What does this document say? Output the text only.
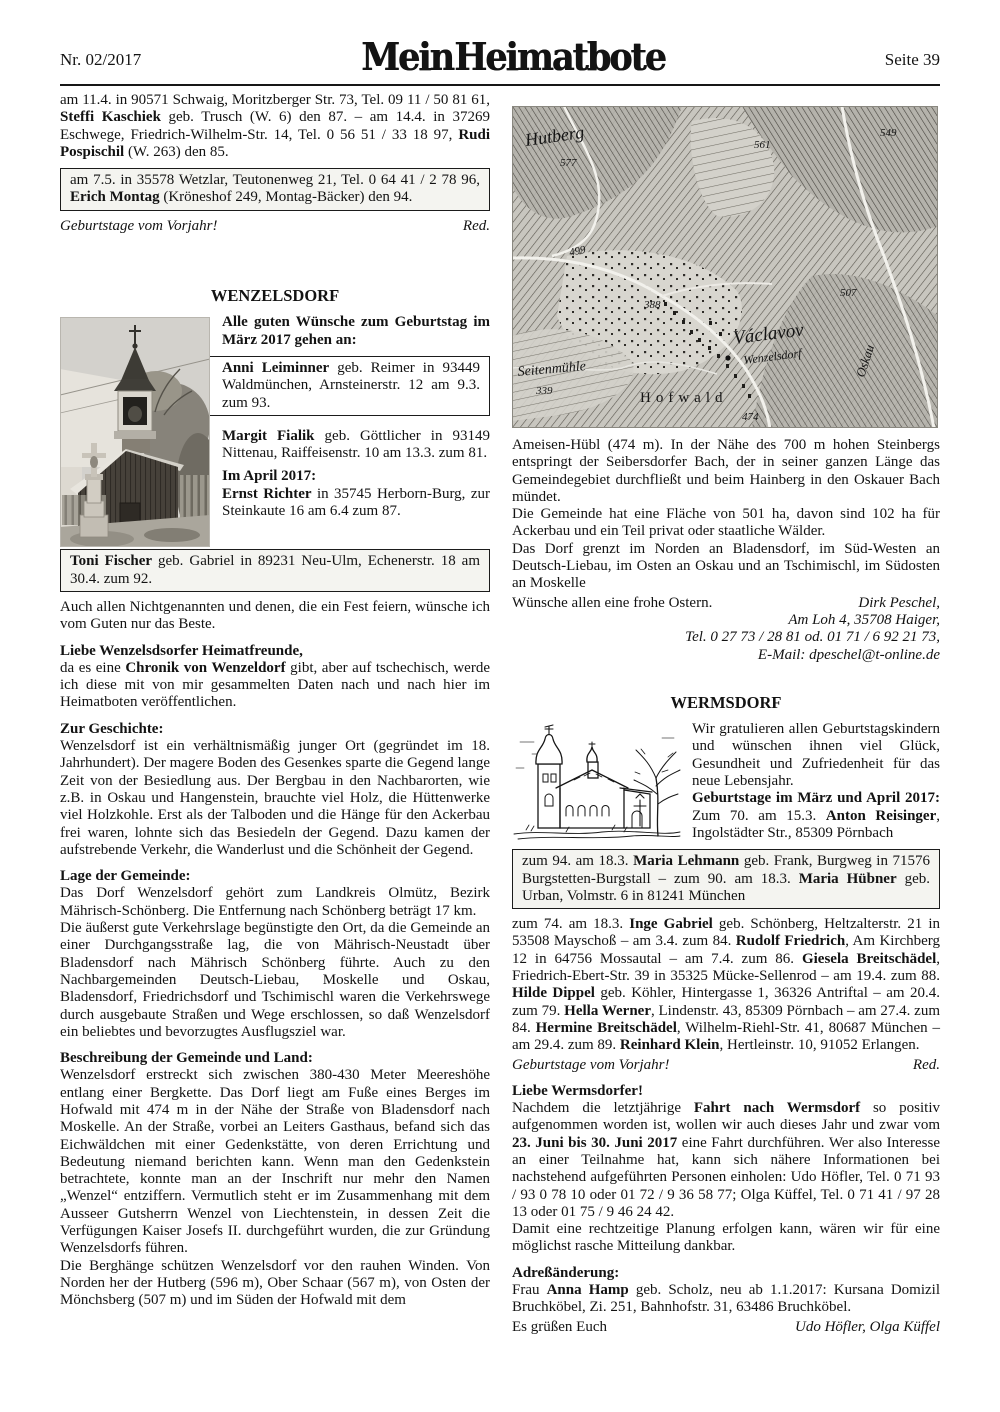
Nr. 02/2017	Mein Heimatbote	Seite 39

am 11.4. in 90571 Schwaig, Moritzberger Str. 73, Tel. 09 11 / 50 81 61, Steffi Kaschiek geb. Trusch (W. 6) den 87. – am 14.4. in 37269 Eschwege, Friedrich-Wilhelm-Str. 14, Tel. 0 56 51 / 33 18 97, Rudi Pospischil (W. 263) den 85.

am 7.5. in 35578 Wetzlar, Teutonenweg 21, Tel. 0 64 41 / 2 78 96, Erich Montag (Kröneshof 249, Montag-Bäcker) den 94.

Geburtstage vom Vorjahr!	Red.
WENZELSDORF

Alle guten Wünsche zum Geburtstag im März 2017 gehen an:

Anni Leiminner geb. Reimer in 93449 Waldmünchen, Arnsteinerstr. 12 am 9.3. zum 93.

Margit Fialik geb. Göttlicher in 93149 Nittenau, Raiffeisenstr. 10 am 13.3. zum 81.

Im April 2017:

Ernst Richter in 35745 Herborn-Burg, zur Steinkaute 16 am 6.4 zum 87.

Toni Fischer geb. Gabriel in 89231 Neu-Ulm, Echenerstr. 18 am 30.4. zum 92.

Auch allen Nichtgenannten und denen, die ein Fest feiern, wünsche ich vom Guten nur das Beste.

Liebe Wenzelsdsorfer Heimatfreunde,

da es eine Chronik von Wenzeldorf gibt, aber auf tschechisch, werde ich diese mit von mir gesammelten Daten nach und nach hier im Heimatboten veröffentlichen.

Zur Geschichte:

Wenzelsdorf ist ein verhältnismäßig junger Ort (gegründet im 18. Jahrhundert). Der magere Boden des Gesenkes sparte die Gegend lange Zeit von der Besiedlung aus. Der Bergbau in den Nachbarorten, wie z.B. in Oskau und Hangenstein, brauchte viel Holz, die Hüttenwerke viel Holzkohle. Erst als der Talboden und die Hänge für den Ackerbau frei waren, lohnte sich das Besiedeln der Gegend. Dazu kamen der aufstrebende Verkehr, die Wanderlust und die Schönheit der Gegend.

Lage der Gemeinde:

Das Dorf Wenzelsdorf gehört zum Landkreis Olmütz, Bezirk Mährisch-Schönberg. Die Entfernung nach Schönberg beträgt 17 km.

Die äußerst gute Verkehrslage begünstigte den Ort, da die Gemeinde an einer Durchgangsstraße lag, die von Mährisch-Neustadt über Bladensdorf nach Mährisch Schönberg führte. Auch zu den Nachbargemeinden Deutsch-Liebau, Moskelle und Oskau, Bladensdorf, Friedrichsdorf und Tschimischl waren die Verkehrswege durch ausgebaute Straßen und Wege erschlossen, so daß Wenzelsdorf ein beliebtes und bevorzugtes Ausflugsziel war.

Beschreibung der Gemeinde und Land:

Wenzelsdorf erstreckt sich zwischen 380-430 Meter Meereshöhe entlang einer Bergkette. Das Dorf liegt am Fuße eines Berges im Hofwald mit 474 m in der Nähe der Straße von Bladensdorf nach Moskelle. An der Straße, vorbei an Leiters Gasthaus, befand sich das Eichwäldchen mit einer Gedenkstätte, von deren Errichtung und Bedeutung niemand berichten kann. Wenn man den Gedenkstein betrachtete, konnte man an der Inschrift nur mehr den Namen „Wenzel“ entziffern. Vermutlich steht er im Zusammenhang mit dem Ausseer Gutsherrn Wenzel von Liechtenstein, in dessen Zeit die Verfügungen Kaiser Josefs II. durchgeführt wurden, die zur Gründung Wenzelsdorfs führen.

Die Berghänge schützen Wenzelsdorf vor den rauhen Winden. Von Norden her der Hutberg (596 m), Ober Schaar (567 m), von Osten der Mönchsberg (507 m) und im Süden der Hofwald mit dem

Hutberg
577
499
388
561
549
507
339
474
Seitenmühle
Hofwald
Václavov
Wenzelsdorf	Oskau

Ameisen-Hübl (474 m). In der Nähe des 700 m hohen Steinbergs entspringt der Seibersdorfer Bach, der in seiner ganzen Länge das Gemeindegebiet durchfließt und beim Hainberg in den Oskauer Bach mündet.

Die Gemeinde hat eine Fläche von 501 ha, davon sind 102 ha für Ackerbau und ein Teil privat oder staatliche Wälder.

Das Dorf grenzt im Norden an Bladensdorf, im Süd-Westen an Deutsch-Liebau, im Osten an Oskau und an Tschimischl, im Südosten an Moskelle

Wünsche allen eine frohe Ostern.	Dirk Peschel,

Am Loh 4, 35708 Haiger,

Tel. 0 27 73 / 28 81 od. 01 71 / 6 92 21 73,

E-Mail: dpeschel@t-online.de

WERMSDORF

Wir gratulieren allen Geburtstagskindern und wünschen ihnen viel Glück, Gesundheit und Zufriedenheit für das neue Lebensjahr.

Geburtstage im März und April 2017: Zum 70. am 15.3. Anton Reisinger, Ingolstädter Str., 85309 Pörnbach

zum 94. am 18.3. Maria Lehmann geb. Frank, Burgweg in 71576 Burgstetten-Burgstall – zum 90. am 18.3. Maria Hübner geb. Urban, Volmstr. 6 in 81241 München

zum 74. am 18.3. Inge Gabriel geb. Schönberg, Heltzalterstr. 21 in 53508 Mayschoß – am 3.4. zum 84. Rudolf Friedrich, Am Kirchberg 12 in 64756 Mossautal – am 7.4. zum 86. Giesela Breitschädel, Friedrich-Ebert-Str. 39 in 35325 Mücke-Sellenrod – am 19.4. zum 88. Hilde Dippel geb. Köhler, Hintergasse 1, 36326 Antriftal – am 20.4. zum 79. Hella Werner, Lindenstr. 43, 85309 Pörnbach – am 27.4. zum 84. Hermine Breitschädel, Wilhelm-Riehl-Str. 41, 80687 München – am 29.4. zum 89. Reinhard Klein, Hertleinstr. 10, 91052 Erlangen.

Geburtstage vom Vorjahr!	Red.

Liebe Wermsdorfer!

Nachdem die letztjährige Fahrt nach Wermsdorf so positiv aufgenommen worden ist, wollen wir auch dieses Jahr und zwar vom 23. Juni bis 30. Juni 2017 eine Fahrt durchführen. Wer also Interesse an einer Teilnahme hat, kann sich nähere Informationen bei nachstehend aufgeführten Personen einholen: Udo Höfler, Tel. 0 71 93 / 93 0 78 10 oder 01 72 / 9 36 58 77; Olga Küffel, Tel. 0 71 41 / 97 28 13 oder 01 75 / 9 46 24 42.

Damit eine rechtzeitige Planung erfolgen kann, wären wir für eine möglichst rasche Mitteilung dankbar.

Adreßänderung:

Frau Anna Hamp geb. Scholz, neu ab 1.1.2017: Kursana Domizil Bruchköbel, Zi. 251, Bahnhofstr. 31, 63486 Bruchköbel.

Es grüßen Euch	Udo Höfler, Olga Küffel
